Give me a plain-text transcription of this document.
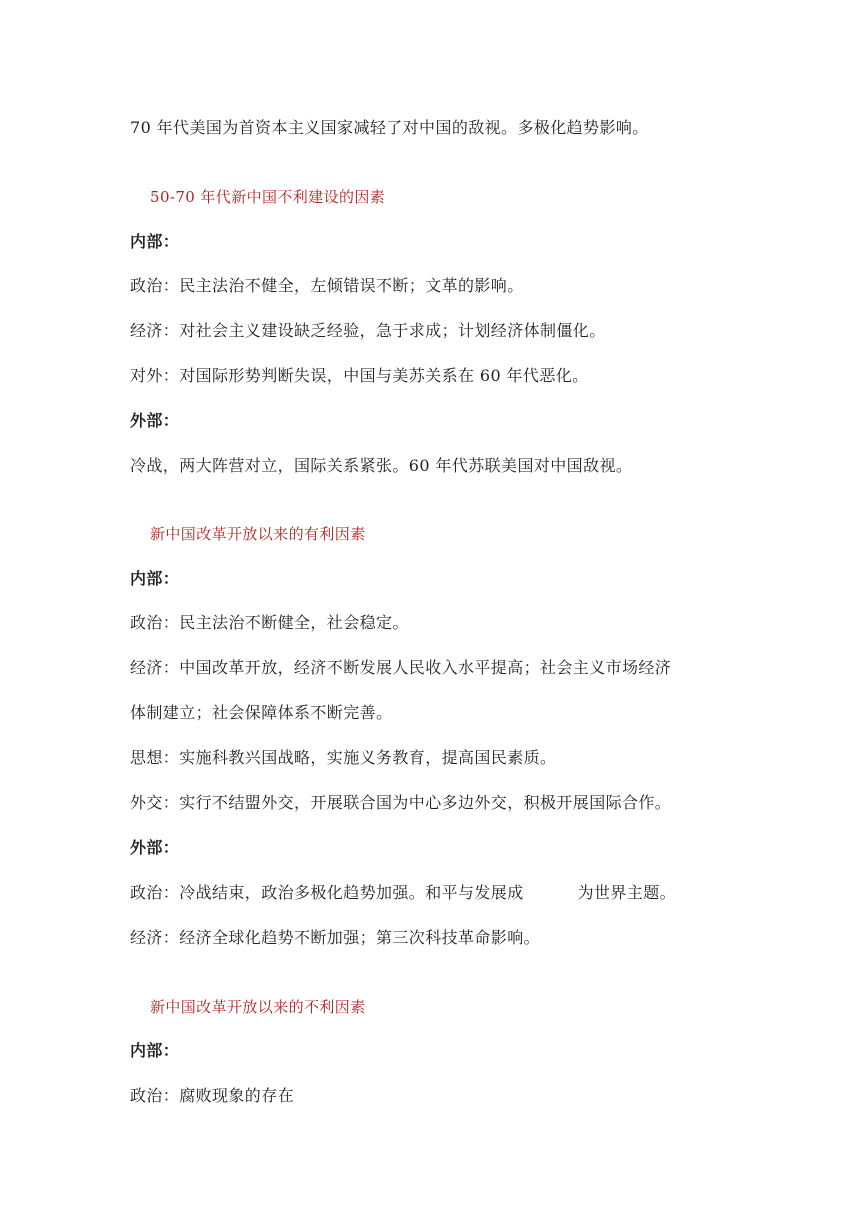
70 年代美国为首资本主义国家减轻了对中国的敌视。多极化趋势影响。
50-70 年代新中国不利建设的因素
内部：
政治：民主法治不健全，左倾错误不断；文革的影响。
经济：对社会主义建设缺乏经验，急于求成；计划经济体制僵化。
对外：对国际形势判断失误，中国与美苏关系在 60 年代恶化。
外部：
冷战，两大阵营对立，国际关系紧张。60 年代苏联美国对中国敌视。
新中国改革开放以来的有利因素
内部：
政治：民主法治不断健全，社会稳定。
经济：中国改革开放，经济不断发展人民收入水平提高；社会主义市场经济
体制建立；社会保障体系不断完善。
思想：实施科教兴国战略，实施义务教育，提高国民素质。
外交：实行不结盟外交，开展联合国为中心多边外交，积极开展国际合作。
外部：
政治：冷战结束，政治多极化趋势加强。和平与发展成	为世界主题。
经济：经济全球化趋势不断加强；第三次科技革命影响。
新中国改革开放以来的不利因素
内部：
政治：腐败现象的存在
